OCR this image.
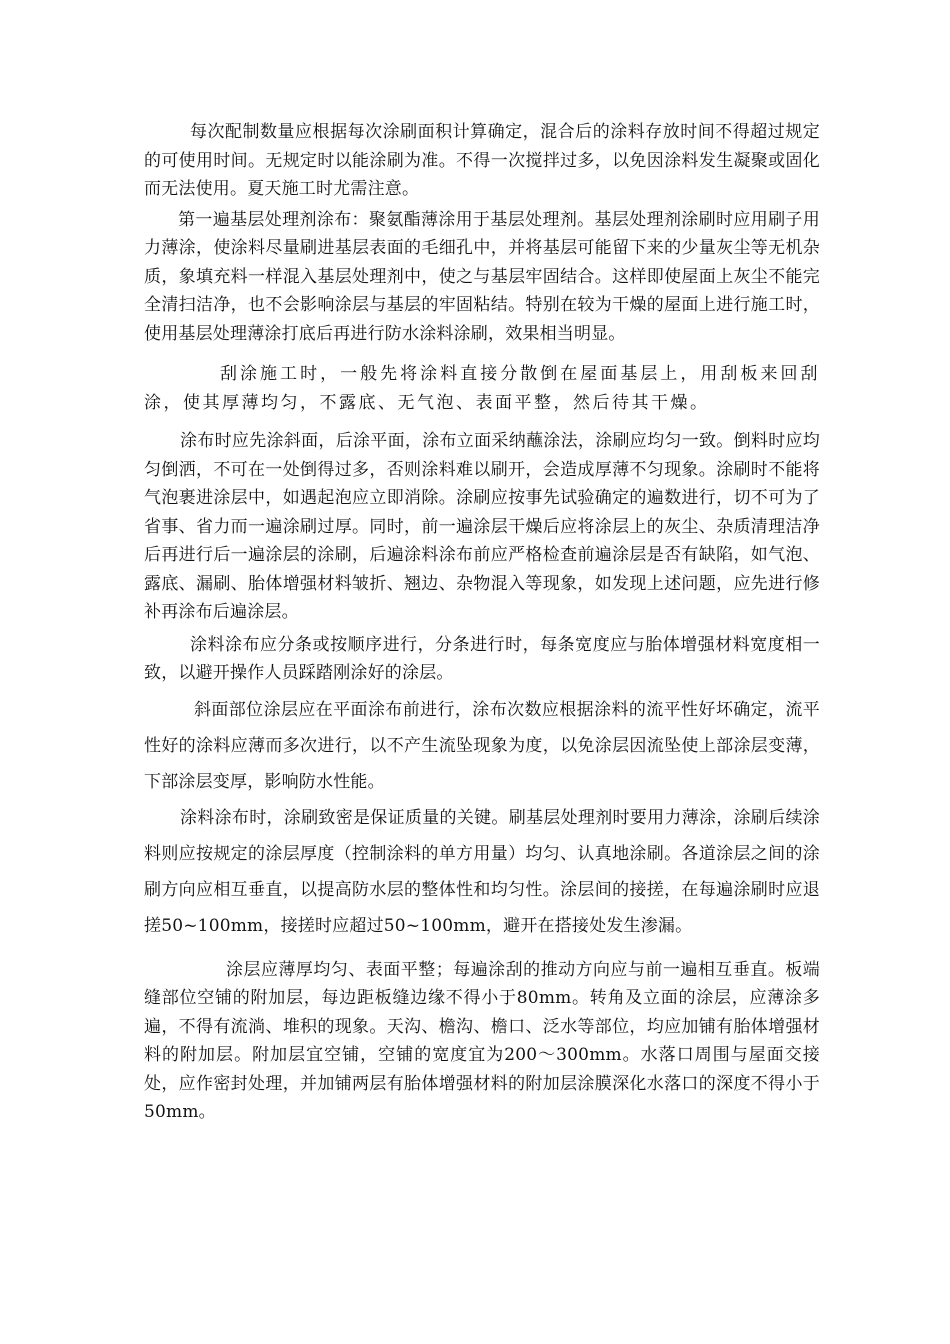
每次配制数量应根据每次涂刷面积计算确定，混合后的涂料存放时间不得超过规定的可使用时间。无规定时以能涂刷为准。不得一次搅拌过多，以免因涂料发生凝聚或固化而无法使用。夏天施工时尤需注意。

第一遍基层处理剂涂布：聚氨酯薄涂用于基层处理剂。基层处理剂涂刷时应用刷子用力薄涂，使涂料尽量刷进基层表面的毛细孔中，并将基层可能留下来的少量灰尘等无机杂质，象填充料一样混入基层处理剂中，使之与基层牢固结合。这样即使屋面上灰尘不能完全清扫洁净，也不会影响涂层与基层的牢固粘结。特别在较为干燥的屋面上进行施工时，使用基层处理薄涂打底后再进行防水涂料涂刷，效果相当明显。

刮涂施工时，一般先将涂料直接分散倒在屋面基层上，用刮板来回刮涂，使其厚薄均匀，不露底、无气泡、表面平整，然后待其干燥。

涂布时应先涂斜面，后涂平面，涂布立面采纳蘸涂法，涂刷应均匀一致。倒料时应均匀倒洒，不可在一处倒得过多，否则涂料难以刷开，会造成厚薄不匀现象。涂刷时不能将气泡裹进涂层中，如遇起泡应立即消除。涂刷应按事先试验确定的遍数进行，切不可为了省事、省力而一遍涂刷过厚。同时，前一遍涂层干燥后应将涂层上的灰尘、杂质清理洁净后再进行后一遍涂层的涂刷，后遍涂料涂布前应严格检查前遍涂层是否有缺陷，如气泡、露底、漏刷、胎体增强材料皱折、翘边、杂物混入等现象，如发现上述问题，应先进行修补再涂布后遍涂层。

涂料涂布应分条或按顺序进行，分条进行时，每条宽度应与胎体增强材料宽度相一致，以避开操作人员踩踏刚涂好的涂层。

斜面部位涂层应在平面涂布前进行，涂布次数应根据涂料的流平性好坏确定，流平性好的涂料应薄而多次进行，以不产生流坠现象为度，以免涂层因流坠使上部涂层变薄，下部涂层变厚，影响防水性能。

涂料涂布时，涂刷致密是保证质量的关键。刷基层处理剂时要用力薄涂，涂刷后续涂料则应按规定的涂层厚度（控制涂料的单方用量）均匀、认真地涂刷。各道涂层之间的涂刷方向应相互垂直，以提高防水层的整体性和均匀性。涂层间的接搓，在每遍涂刷时应退搓50~100mm，接搓时应超过50~100mm，避开在搭接处发生渗漏。

涂层应薄厚均匀、表面平整；每遍涂刮的推动方向应与前一遍相互垂直。板端缝部位空铺的附加层，每边距板缝边缘不得小于80mm。转角及立面的涂层，应薄涂多遍，不得有流淌、堆积的现象。天沟、檐沟、檐口、泛水等部位，均应加铺有胎体增强材料的附加层。附加层宜空铺，空铺的宽度宜为200～300mm。水落口周围与屋面交接处，应作密封处理，并加铺两层有胎体增强材料的附加层涂膜深化水落口的深度不得小于50mm。
